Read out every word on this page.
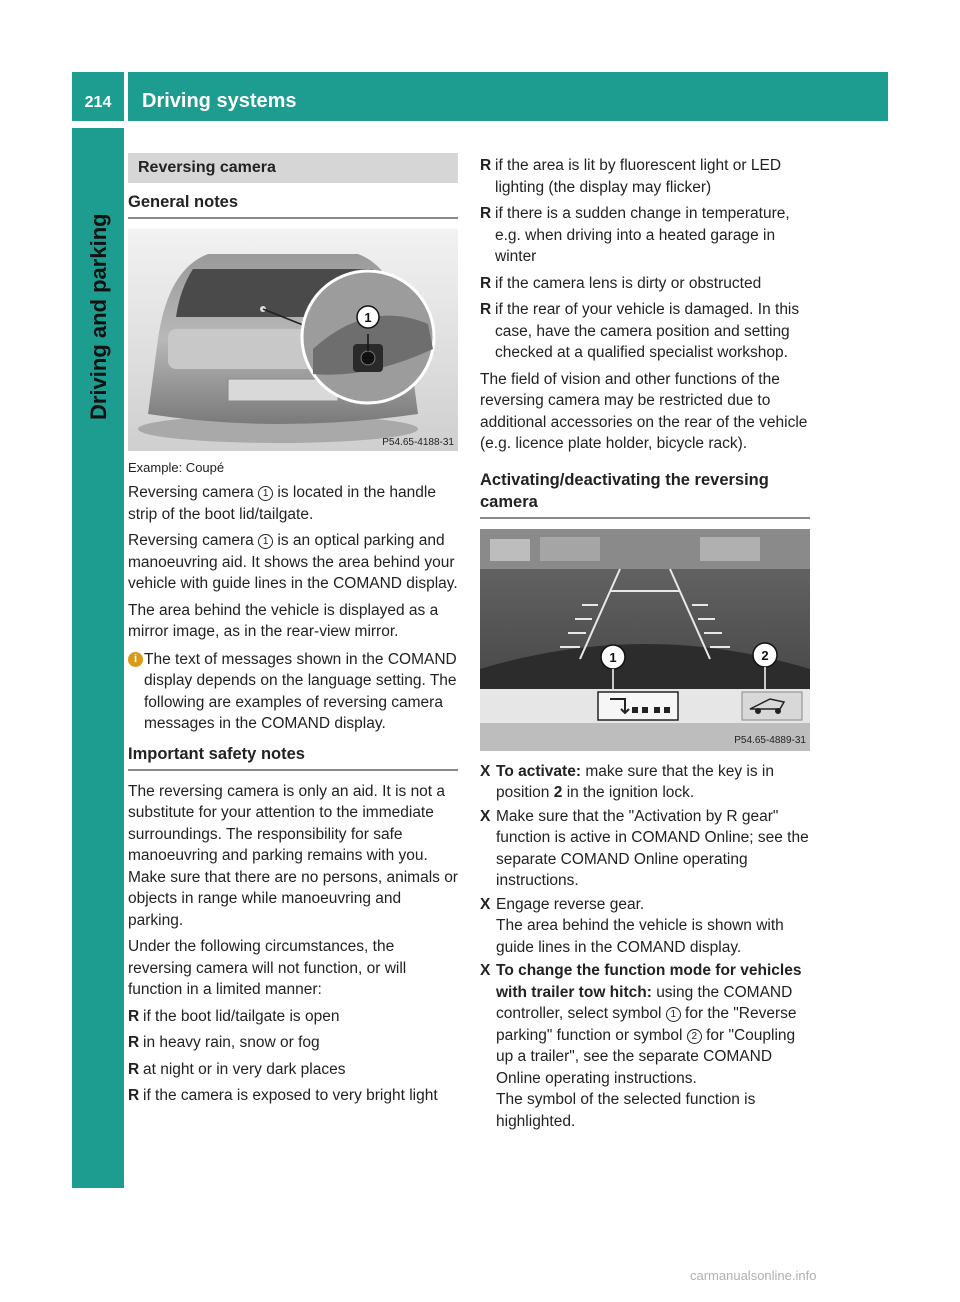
214	Driving systems
Driving and parking
Reversing camera
General notes
1
P54.65-4188-31
Example: Coupé

Reversing camera 1 is located in the handle strip of the boot lid/tailgate.

Reversing camera 1 is an optical parking and manoeuvring aid. It shows the area behind your vehicle with guide lines in the COMAND display.

The area behind the vehicle is displayed as a mirror image, as in the rear-view mirror.

i The text of messages shown in the COMAND display depends on the language setting. The following are examples of reversing camera messages in the COMAND display.
Important safety notes

The reversing camera is only an aid. It is not a substitute for your attention to the immediate surroundings. The responsibility for safe manoeuvring and parking remains with you. Make sure that there are no persons, animals or objects in range while manoeuvring and parking.

Under the following circumstances, the reversing camera will not function, or will function in a limited manner:

R if the boot lid/tailgate is open
R in heavy rain, snow or fog
R at night or in very dark places
R if the camera is exposed to very bright light
R if the area is lit by fluorescent light or LED lighting (the display may flicker)
R if there is a sudden change in temperature, e.g. when driving into a heated garage in winter
R if the camera lens is dirty or obstructed
R if the rear of your vehicle is damaged. In this case, have the camera position and setting checked at a qualified specialist workshop.

The field of vision and other functions of the reversing camera may be restricted due to additional accessories on the rear of the vehicle (e.g. licence plate holder, bicycle rack).

Activating/deactivating the reversing camera
1	2
P54.65-4889-31
X To activate: make sure that the key is in position 2 in the ignition lock.
X Make sure that the "Activation by R gear" function is active in COMAND Online; see the separate COMAND Online operating instructions.
X Engage reverse gear.
The area behind the vehicle is shown with guide lines in the COMAND display.
X To change the function mode for vehicles with trailer tow hitch: using the COMAND controller, select symbol 1 for the "Reverse parking" function or symbol 2 for "Coupling up a trailer", see the separate COMAND Online operating instructions.
The symbol of the selected function is highlighted.
carmanualsonline.info
